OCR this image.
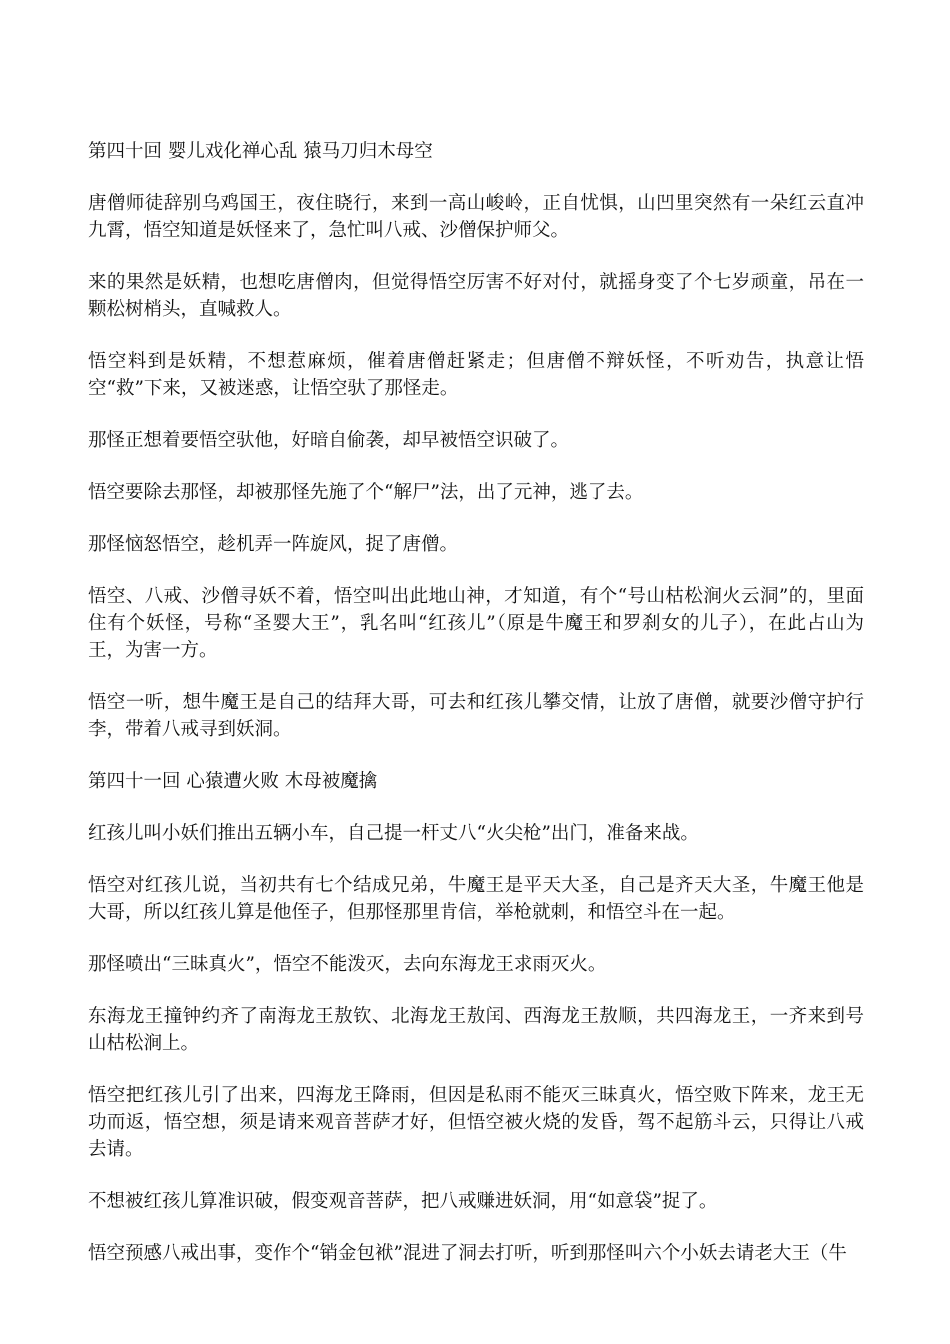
第四十回 婴儿戏化禅心乱 猿马刀归木母空

唐僧师徒辞别乌鸡国王，夜住晓行，来到一高山峻岭，正自忧惧，山凹里突然有一朵红云直冲九霄，悟空知道是妖怪来了，急忙叫八戒、沙僧保护师父。

来的果然是妖精，也想吃唐僧肉，但觉得悟空厉害不好对付，就摇身变了个七岁顽童，吊在一颗松树梢头，直喊救人。

悟空料到是妖精，不想惹麻烦，催着唐僧赶紧走；但唐僧不辩妖怪，不听劝告，执意让悟空“救”下来，又被迷惑，让悟空驮了那怪走。

那怪正想着要悟空驮他，好暗自偷袭，却早被悟空识破了。

悟空要除去那怪，却被那怪先施了个“解尸”法，出了元神，逃了去。

那怪恼怒悟空，趁机弄一阵旋风，捉了唐僧。

悟空、八戒、沙僧寻妖不着，悟空叫出此地山神，才知道，有个“号山枯松涧火云洞”的，里面住有个妖怪，号称“圣婴大王”，乳名叫“红孩儿”（原是牛魔王和罗刹女的儿子），在此占山为王，为害一方。

悟空一听，想牛魔王是自己的结拜大哥，可去和红孩儿攀交情，让放了唐僧，就要沙僧守护行李，带着八戒寻到妖洞。

第四十一回 心猿遭火败 木母被魔擒

红孩儿叫小妖们推出五辆小车，自己提一杆丈八“火尖枪”出门，准备来战。

悟空对红孩儿说，当初共有七个结成兄弟，牛魔王是平天大圣，自己是齐天大圣，牛魔王他是大哥，所以红孩儿算是他侄子，但那怪那里肯信，举枪就刺，和悟空斗在一起。

那怪喷出“三昧真火”，悟空不能泼灭，去向东海龙王求雨灭火。

东海龙王撞钟约齐了南海龙王敖钦、北海龙王敖闰、西海龙王敖顺，共四海龙王，一齐来到号山枯松涧上。

悟空把红孩儿引了出来，四海龙王降雨，但因是私雨不能灭三昧真火，悟空败下阵来，龙王无功而返，悟空想，须是请来观音菩萨才好，但悟空被火烧的发昏，驾不起筋斗云，只得让八戒去请。

不想被红孩儿算准识破，假变观音菩萨，把八戒赚进妖洞，用“如意袋”捉了。

悟空预感八戒出事，变作个“销金包袱”混进了洞去打听，听到那怪叫六个小妖去请老大王（牛
